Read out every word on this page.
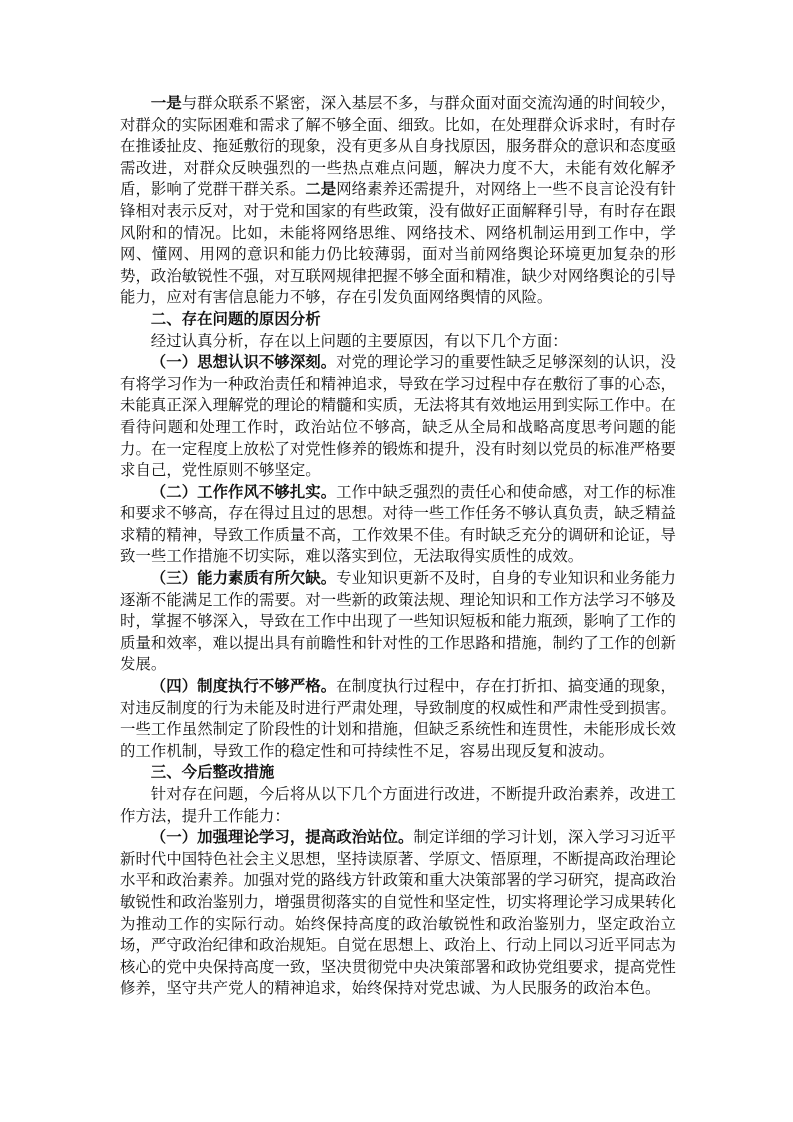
一是与群众联系不紧密，深入基层不多，与群众面对面交流沟通的时间较少，对群众的实际困难和需求了解不够全面、细致。比如，在处理群众诉求时，有时存在推诿扯皮、拖延敷衍的现象，没有更多从自身找原因，服务群众的意识和态度亟需改进，对群众反映强烈的一些热点难点问题，解决力度不大，未能有效化解矛盾，影响了党群干群关系。二是网络素养还需提升，对网络上一些不良言论没有针锋相对表示反对，对于党和国家的有些政策，没有做好正面解释引导，有时存在跟风附和的情况。比如，未能将网络思维、网络技术、网络机制运用到工作中，学网、懂网、用网的意识和能力仍比较薄弱，面对当前网络舆论环境更加复杂的形势，政治敏锐性不强，对互联网规律把握不够全面和精准，缺少对网络舆论的引导能力，应对有害信息能力不够，存在引发负面网络舆情的风险。

二、存在问题的原因分析

经过认真分析，存在以上问题的主要原因，有以下几个方面：

（一）思想认识不够深刻。对党的理论学习的重要性缺乏足够深刻的认识，没有将学习作为一种政治责任和精神追求，导致在学习过程中存在敷衍了事的心态，未能真正深入理解党的理论的精髓和实质，无法将其有效地运用到实际工作中。在看待问题和处理工作时，政治站位不够高，缺乏从全局和战略高度思考问题的能力。在一定程度上放松了对党性修养的锻炼和提升，没有时刻以党员的标准严格要求自己，党性原则不够坚定。

（二）工作作风不够扎实。工作中缺乏强烈的责任心和使命感，对工作的标准和要求不够高，存在得过且过的思想。对待一些工作任务不够认真负责，缺乏精益求精的精神，导致工作质量不高，工作效果不佳。有时缺乏充分的调研和论证，导致一些工作措施不切实际，难以落实到位，无法取得实质性的成效。

（三）能力素质有所欠缺。专业知识更新不及时，自身的专业知识和业务能力逐渐不能满足工作的需要。对一些新的政策法规、理论知识和工作方法学习不够及时，掌握不够深入，导致在工作中出现了一些知识短板和能力瓶颈，影响了工作的质量和效率，难以提出具有前瞻性和针对性的工作思路和措施，制约了工作的创新发展。

（四）制度执行不够严格。在制度执行过程中，存在打折扣、搞变通的现象，对违反制度的行为未能及时进行严肃处理，导致制度的权威性和严肃性受到损害。一些工作虽然制定了阶段性的计划和措施，但缺乏系统性和连贯性，未能形成长效的工作机制，导致工作的稳定性和可持续性不足，容易出现反复和波动。

三、今后整改措施

针对存在问题，今后将从以下几个方面进行改进，不断提升政治素养，改进工作方法，提升工作能力：

（一）加强理论学习，提高政治站位。制定详细的学习计划，深入学习习近平新时代中国特色社会主义思想，坚持读原著、学原文、悟原理，不断提高政治理论水平和政治素养。加强对党的路线方针政策和重大决策部署的学习研究，提高政治敏锐性和政治鉴别力，增强贯彻落实的自觉性和坚定性，切实将理论学习成果转化为推动工作的实际行动。始终保持高度的政治敏锐性和政治鉴别力，坚定政治立场，严守政治纪律和政治规矩。自觉在思想上、政治上、行动上同以习近平同志为核心的党中央保持高度一致，坚决贯彻党中央决策部署和政协党组要求，提高党性修养，坚守共产党人的精神追求，始终保持对党忠诚、为人民服务的政治本色。
